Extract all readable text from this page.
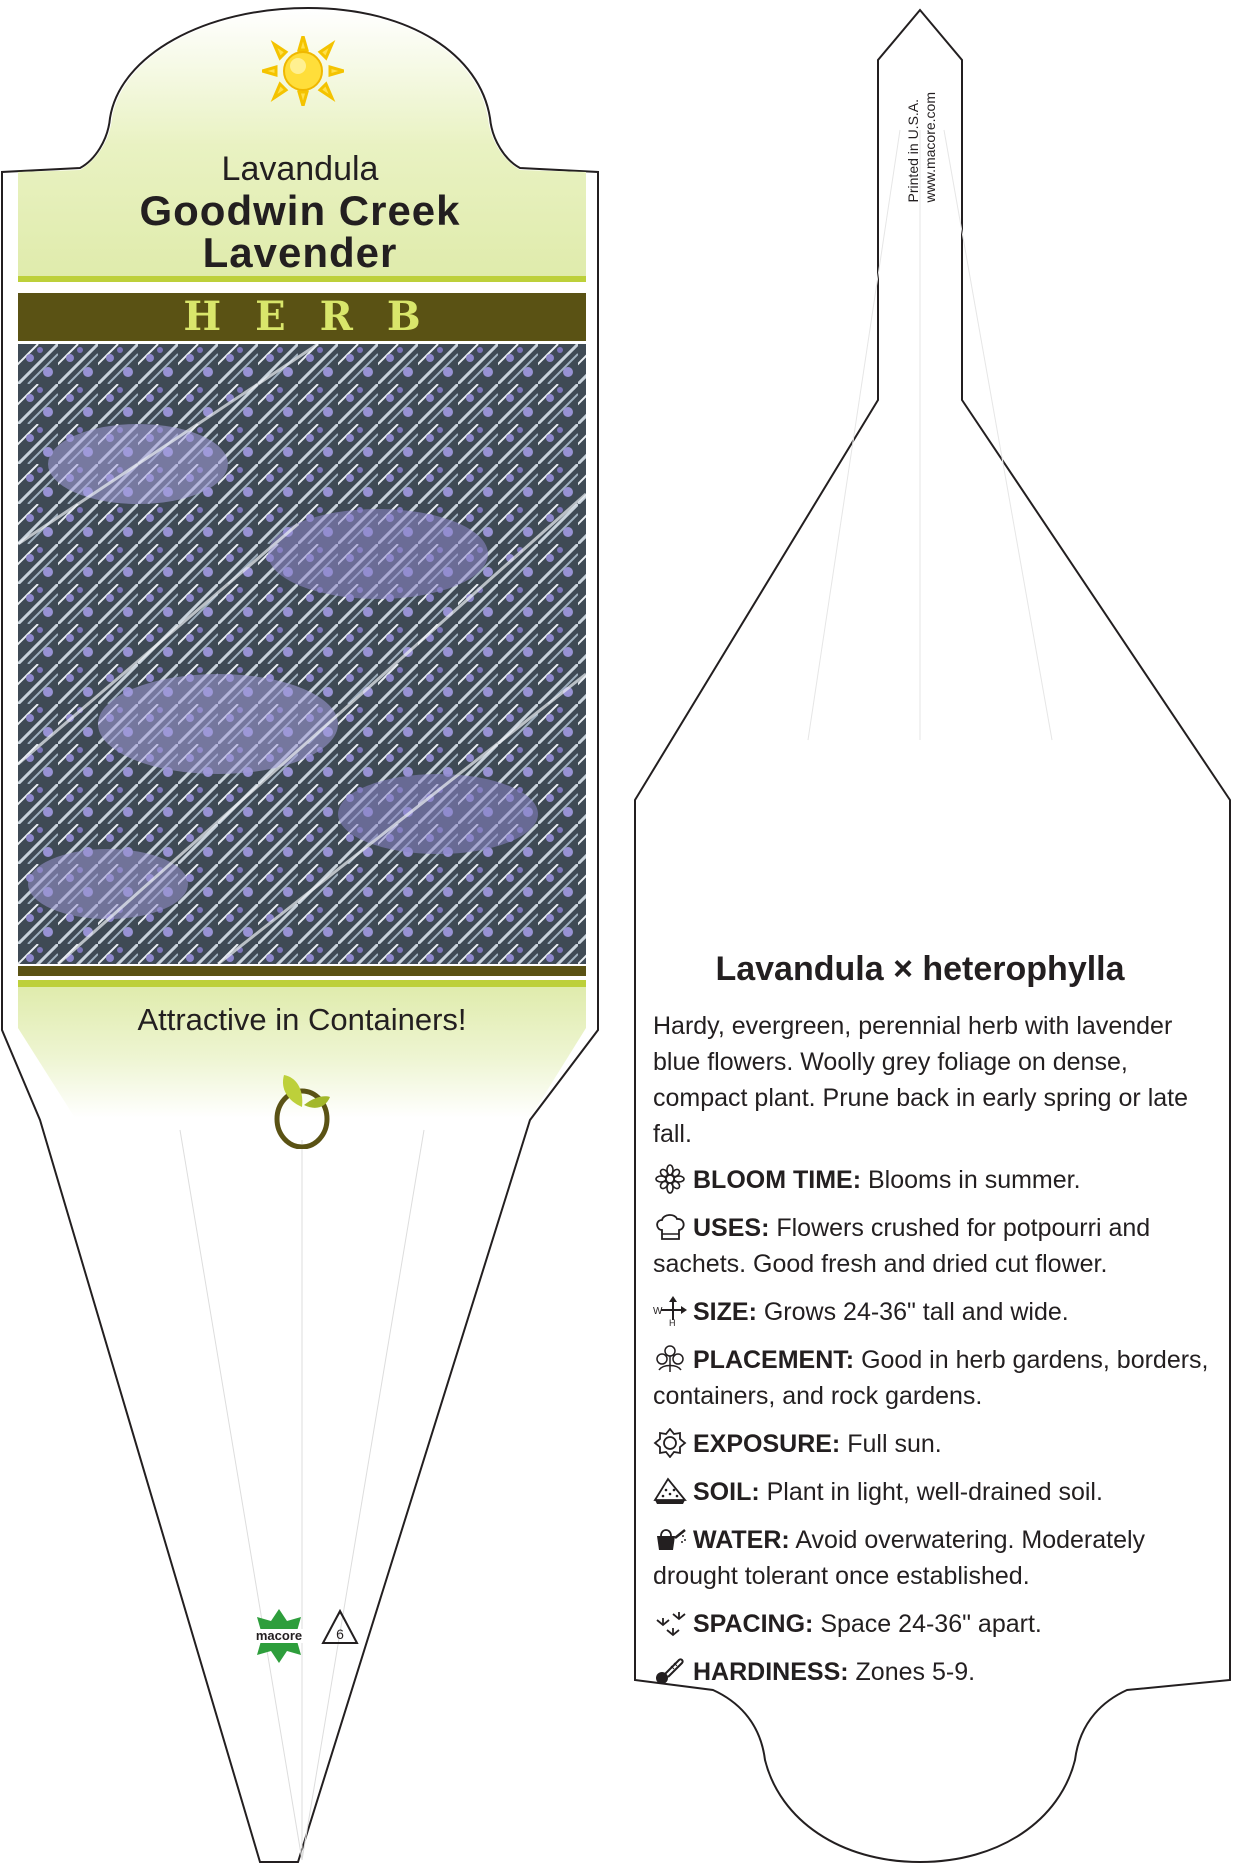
Lavandula
Goodwin Creek
Lavender
HERB
Attractive in Containers!
macore 6
Printed in U.S.A. www.macore.com
Lavandula × heterophylla
Hardy, evergreen, perennial herb with lavender blue flowers. Woolly grey foliage on dense, compact plant. Prune back in early spring or late fall.
BLOOM TIME: Blooms in summer.
USES: Flowers crushed for potpourri and sachets. Good fresh and dried cut flower.
W
H SIZE: Grows 24-36" tall and wide.
PLACEMENT: Good in herb gardens, borders, containers, and rock gardens.
EXPOSURE: Full sun.
SOIL: Plant in light, well-drained soil.
WATER: Avoid overwatering. Moderately drought tolerant once established.
SPACING: Space 24-36" apart.
HARDINESS: Zones 5-9.
